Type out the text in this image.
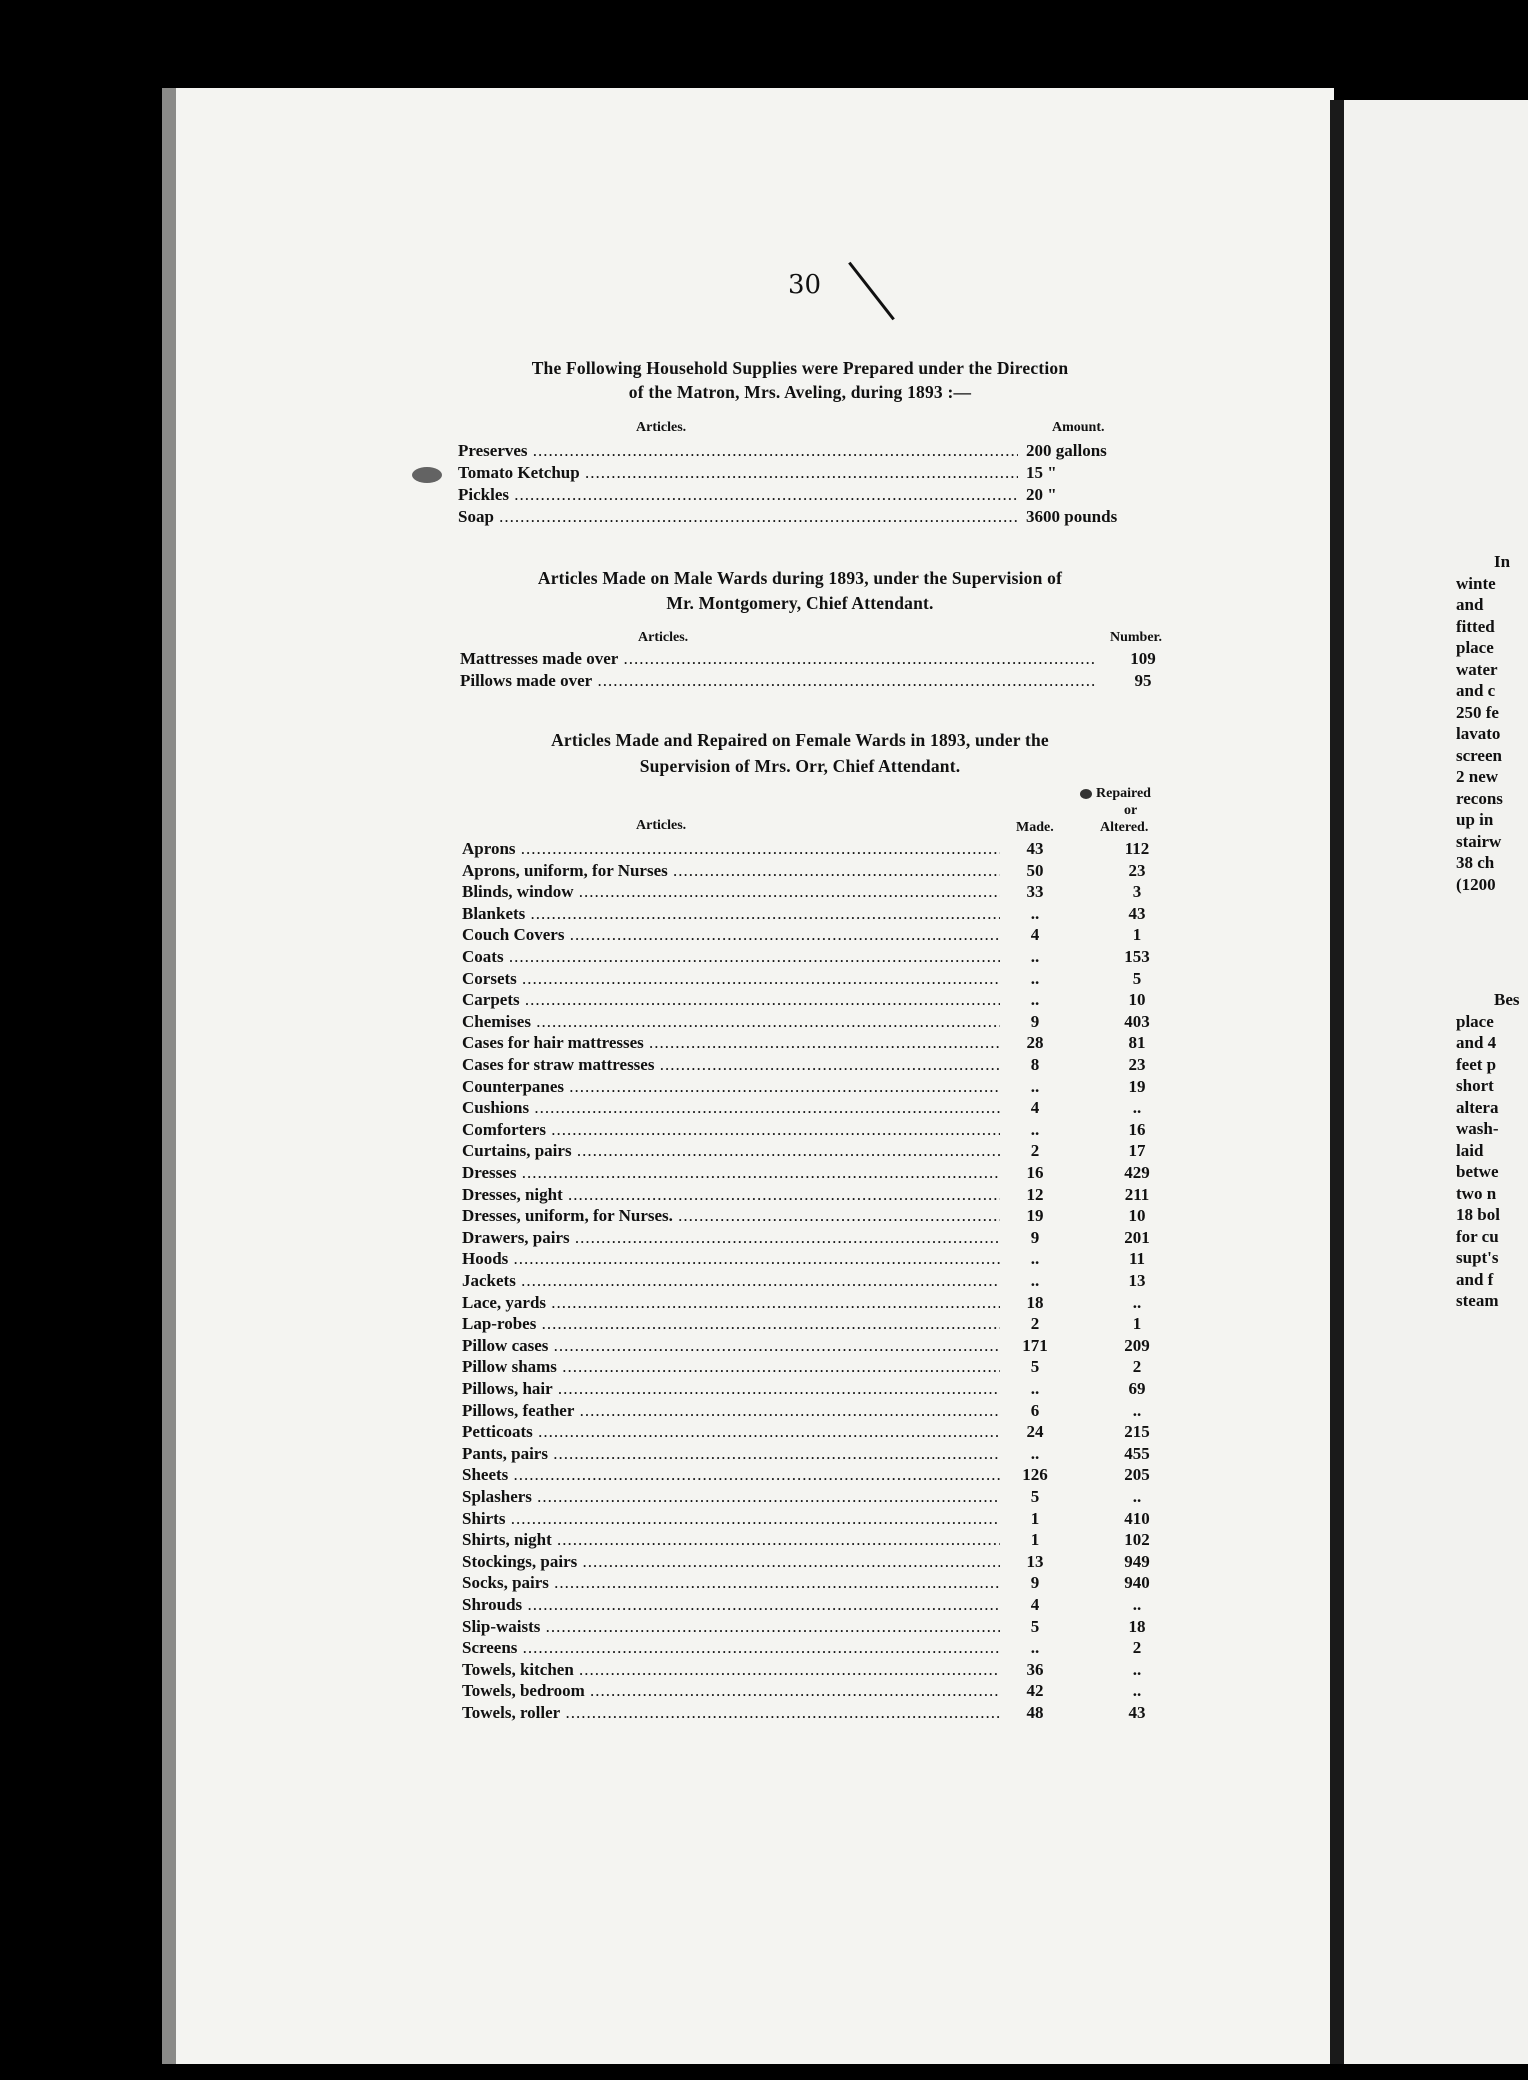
In
winte
and
fitted
place
water
and c
250 fe
lavato
screen
2 new
recons
up in
stairw
38 ch
(1200
Bes
place
and 4
feet p
short
altera
wash-
laid
betwe
two n
18 bol
for cu
supt's
and f
steam
30
The Following Household Supplies were Prepared under the Direction
of the Matron, Mrs. Aveling, during 1893 :—
Articles.	Amount.
Preserves .....	200 gallons
Tomato Ketchup .....	15 "
Pickles .....	20 "
Soap .....	3600 pounds
Articles Made on Male Wards during 1893, under the Supervision of
Mr. Montgomery, Chief Attendant.
Articles.	Number.
Mattresses made over .....	109
Pillows made over .....	95
Articles Made and Repaired on Female Wards in 1893, under the
Supervision of Mrs. Orr, Chief Attendant.
Repaired
or
Altered.
Articles.	Made.
Aprons .....	43	112
Aprons, uniform, for Nurses .....	50	23
Blinds, window .....	33	3
Blankets .....	..	43
Couch Covers .....	4	1
Coats .....	..	153
Corsets .....	..	5
Carpets .....	..	10
Chemises .....	9	403
Cases for hair mattresses .....	28	81
Cases for straw mattresses .....	8	23
Counterpanes .....	..	19
Cushions .....	4	..
Comforters .....	..	16
Curtains, pairs .....	2	17
Dresses .....	16	429
Dresses, night .....	12	211
Dresses, uniform, for Nurses. .....	19	10
Drawers, pairs .....	9	201
Hoods .....	..	11
Jackets .....	..	13
Lace, yards .....	18	..
Lap-robes .....	2	1
Pillow cases .....	171	209
Pillow shams .....	5	2
Pillows, hair .....	..	69
Pillows, feather .....	6	..
Petticoats .....	24	215
Pants, pairs .....	..	455
Sheets .....	126	205
Splashers .....	5	..
Shirts .....	1	410
Shirts, night .....	1	102
Stockings, pairs .....	13	949
Socks, pairs .....	9	940
Shrouds .....	4	..
Slip-waists .....	5	18
Screens .....	..	2
Towels, kitchen .....	36	..
Towels, bedroom .....	42	..
Towels, roller .....	48	43
